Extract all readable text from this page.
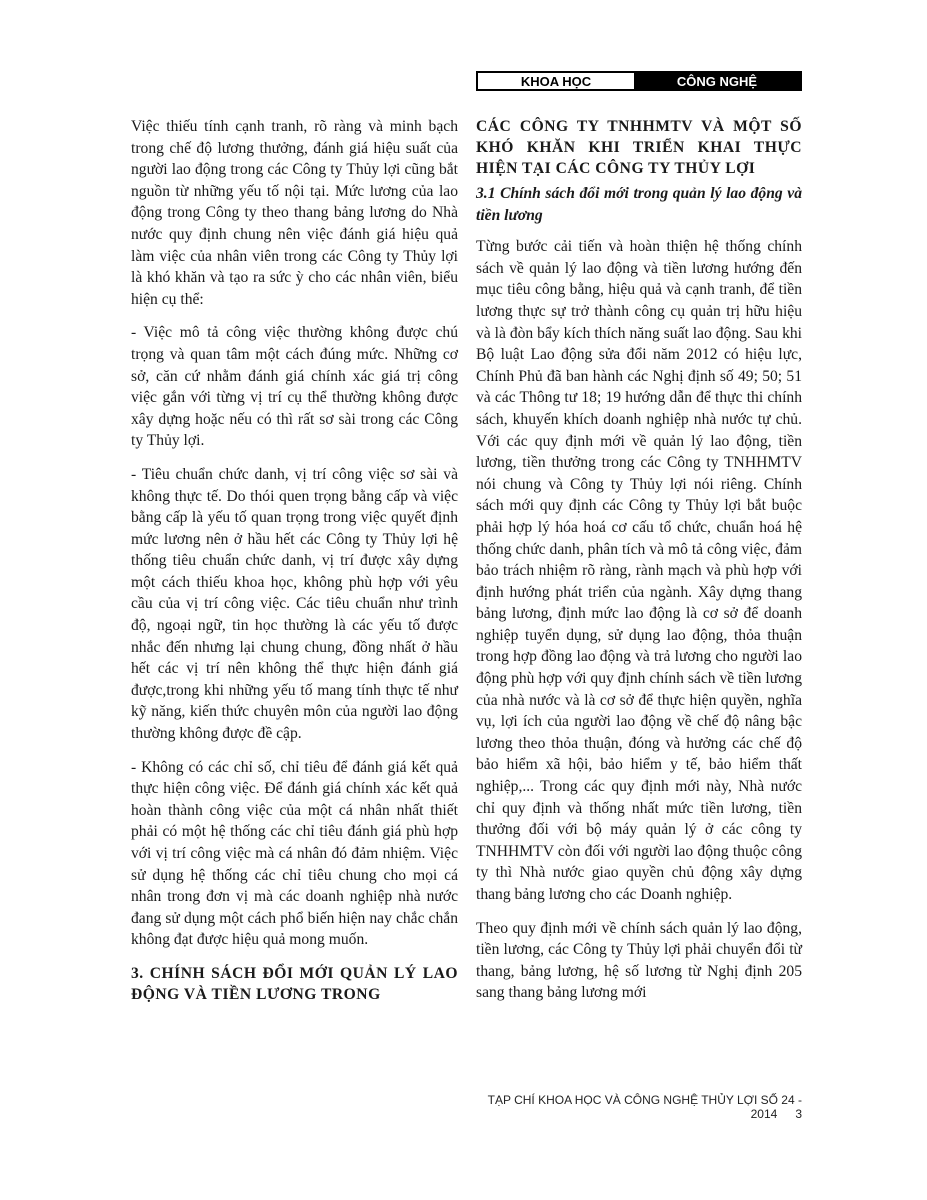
KHOA HỌC	CÔNG NGHỆ

Việc thiếu tính cạnh tranh, rõ ràng và minh bạch trong chế độ lương thưởng, đánh giá hiệu suất của người lao động trong các Công ty Thủy lợi cũng bắt nguồn từ những yếu tố nội tại. Mức lương của lao động trong Công ty theo thang bảng lương do Nhà nước quy định chung nên việc đánh giá hiệu quả làm việc của nhân viên trong các Công ty Thủy lợi là khó khăn và tạo ra sức ỳ cho các nhân viên, biểu hiện cụ thể:

- Việc mô tả công việc thường không được chú trọng và quan tâm một cách đúng mức. Những cơ sở, căn cứ nhằm đánh giá chính xác giá trị công việc gắn với từng vị trí cụ thể thường không được xây dựng hoặc nếu có thì rất sơ sài trong các Công ty Thủy lợi.

- Tiêu chuẩn chức danh, vị trí công việc sơ sài và không thực tế. Do thói quen trọng bằng cấp và việc bằng cấp là yếu tố quan trọng trong việc quyết định mức lương nên ở hầu hết các Công ty Thủy lợi hệ thống tiêu chuẩn chức danh, vị trí được xây dựng một cách thiếu khoa học, không phù hợp với yêu cầu của vị trí công việc. Các tiêu chuẩn như trình độ, ngoại ngữ, tin học thường là các yếu tố được nhắc đến nhưng lại chung chung, đồng nhất ở hầu hết các vị trí nên không thể thực hiện đánh giá được,trong khi những yếu tố mang tính thực tế như kỹ năng, kiến thức chuyên môn của người lao động thường không được đề cập.

- Không có các chỉ số, chỉ tiêu để đánh giá kết quả thực hiện công việc. Để đánh giá chính xác kết quả hoàn thành công việc của một cá nhân nhất thiết phải có một hệ thống các chỉ tiêu đánh giá phù hợp với vị trí công việc mà cá nhân đó đảm nhiệm. Việc sử dụng hệ thống các chỉ tiêu chung cho mọi cá nhân trong đơn vị mà các doanh nghiệp nhà nước đang sử dụng một cách phổ biến hiện nay chắc chắn không đạt được hiệu quả mong muốn.

3. CHÍNH SÁCH ĐỔI MỚI QUẢN LÝ LAO ĐỘNG VÀ TIỀN LƯƠNG TRONG
CÁC CÔNG TY TNHHMTV VÀ MỘT SỐ KHÓ KHĂN KHI TRIỂN KHAI THỰC HIỆN TẠI CÁC CÔNG TY THỦY LỢI
3.1 Chính sách đổi mới trong quản lý lao động và tiền lương

Từng bước cải tiến và hoàn thiện hệ thống chính sách về quản lý lao động và tiền lương hướng đến mục tiêu công bằng, hiệu quả và cạnh tranh, để tiền lương thực sự trở thành công cụ quản trị hữu hiệu và là đòn bẩy kích thích năng suất lao động. Sau khi Bộ luật Lao động sửa đổi năm 2012 có hiệu lực, Chính Phủ đã ban hành các Nghị định số 49; 50; 51 và các Thông tư 18; 19 hướng dẫn để thực thi chính sách, khuyến khích doanh nghiệp nhà nước tự chủ. Với các quy định mới về quản lý lao động, tiền lương, tiền thưởng trong các Công ty TNHHMTV nói chung và Công ty Thủy lợi nói riêng. Chính sách mới quy định các Công ty Thủy lợi bắt buộc phải hợp lý hóa hoá cơ cấu tổ chức, chuẩn hoá hệ thống chức danh, phân tích và mô tả công việc, đảm bảo trách nhiệm rõ ràng, rành mạch và phù hợp với định hướng phát triển của ngành. Xây dựng thang bảng lương, định mức lao động là cơ sở để doanh nghiệp tuyển dụng, sử dụng lao động, thỏa thuận trong hợp đồng lao động và trả lương cho người lao động phù hợp với quy định chính sách về tiền lương của nhà nước và là cơ sở để thực hiện quyền, nghĩa vụ, lợi ích của người lao động về chế độ nâng bậc lương theo thỏa thuận, đóng và hưởng các chế độ bảo hiểm xã hội, bảo hiểm y tế, bảo hiểm thất nghiệp,... Trong các quy định mới này, Nhà nước chỉ quy định và thống nhất mức tiền lương, tiền thưởng đối với bộ máy quản lý ở các công ty TNHHMTV còn đối với người lao động thuộc công ty thì Nhà nước giao quyền chủ động xây dựng thang bảng lương cho các Doanh nghiệp.

Theo quy định mới về chính sách quản lý lao động, tiền lương, các Công ty Thủy lợi phải chuyển đổi từ thang, bảng lương, hệ số lương từ Nghị định 205 sang thang bảng lương mới

TẠP CHÍ KHOA HỌC VÀ CÔNG NGHỆ THỦY LỢI SỐ 24 - 2014 3
